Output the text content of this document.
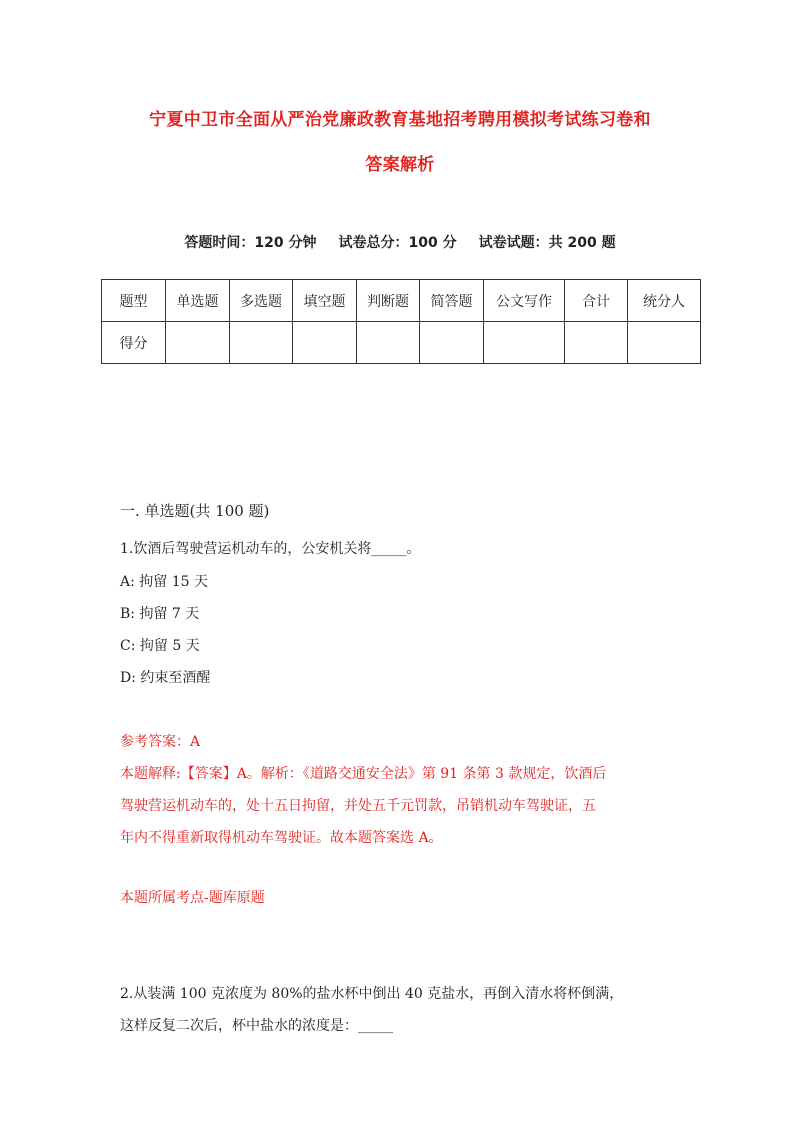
宁夏中卫市全面从严治党廉政教育基地招考聘用模拟考试练习卷和
答案解析
答题时间：120 分钟 试卷总分：100 分 试卷试题：共 200 题
题型	单选题	多选题	填空题	判断题	简答题	公文写作	合计	统分人
得分								
一. 单选题(共 100 题)
1.饮酒后驾驶营运机动车的，公安机关将_____。
A: 拘留 15 天
B: 拘留 7 天
C: 拘留 5 天
D: 约束至酒醒
参考答案：A
本题解释:【答案】A。解析：《道路交通安全法》第 91 条第 3 款规定，饮酒后
驾驶营运机动车的，处十五日拘留，并处五千元罚款，吊销机动车驾驶证，五
年内不得重新取得机动车驾驶证。故本题答案选 A。
本题所属考点-题库原题
2.从装满 100 克浓度为 80%的盐水杯中倒出 40 克盐水，再倒入清水将杯倒满，
这样反复二次后，杯中盐水的浓度是：_____
